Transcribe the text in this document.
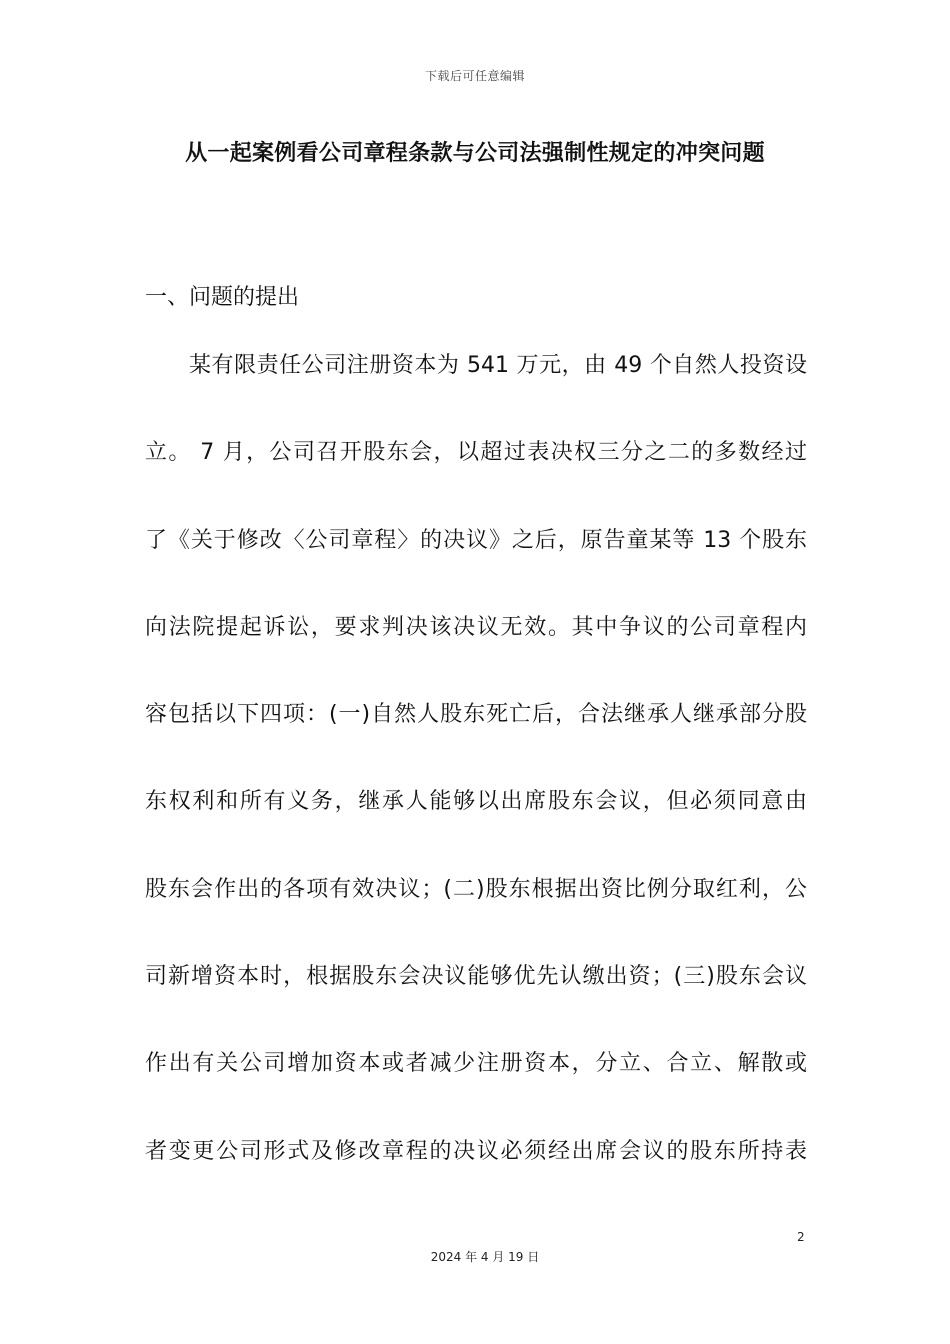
下载后可任意编辑
从一起案例看公司章程条款与公司法强制性规定的冲突问题
一、问题的提出
某有限责任公司注册资本为 541 万元，由 49 个自然人投资设
立。 7 月，公司召开股东会，以超过表决权三分之二的多数经过
了《关于修改〈公司章程〉的决议》之后，原告童某等 13 个股东
向法院提起诉讼，要求判决该决议无效。其中争议的公司章程内
容包括以下四项：(一)自然人股东死亡后，合法继承人继承部分股
东权利和所有义务，继承人能够以出席股东会议，但必须同意由
股东会作出的各项有效决议；(二)股东根据出资比例分取红利，公
司新增资本时，根据股东会决议能够优先认缴出资；(三)股东会议
作出有关公司增加资本或者减少注册资本，分立、合立、解散或
者变更公司形式及修改章程的决议必须经出席会议的股东所持表
2
2024 年 4 月 19 日
